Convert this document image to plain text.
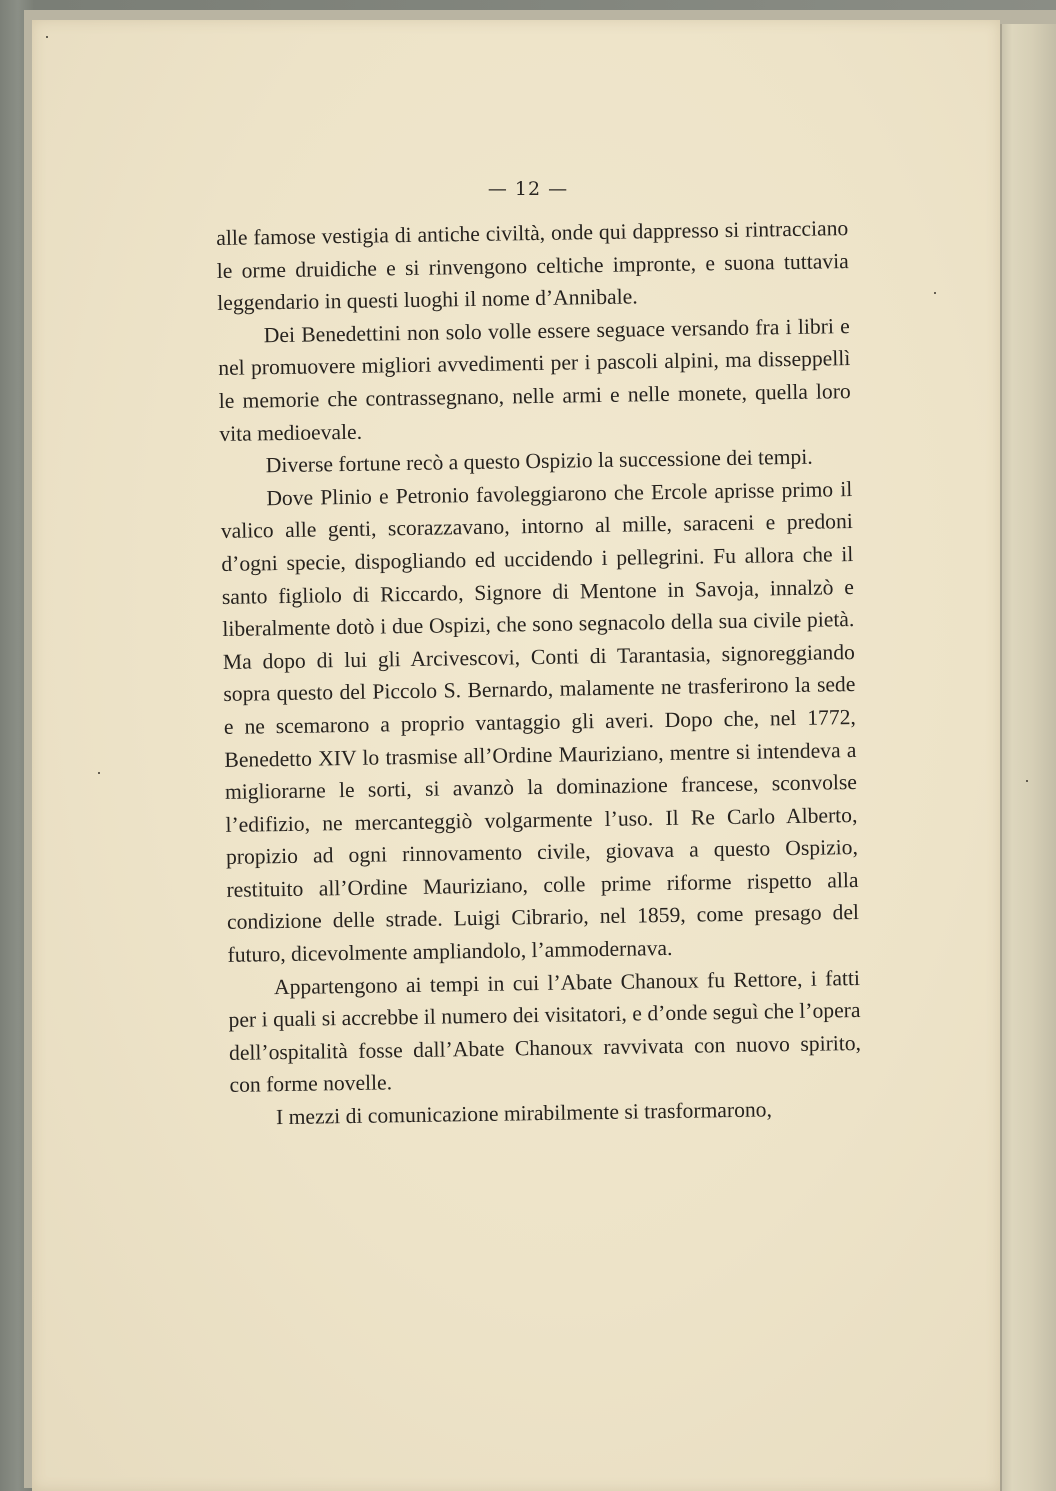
— 12 —

alle famose vestigia di antiche civiltà, onde qui dappresso si rintracciano le orme druidiche e si rinvengono celtiche impronte, e suona tuttavia leggendario in questi luoghi il nome d’Annibale.

Dei Benedettini non solo volle essere seguace versando fra i libri e nel promuovere migliori avvedimenti per i pascoli alpini, ma disseppellì le memorie che contrassegnano, nelle armi e nelle monete, quella loro vita medioevale.

Diverse fortune recò a questo Ospizio la successione dei tempi.

Dove Plinio e Petronio favoleggiarono che Ercole aprisse primo il valico alle genti, scorazzavano, intorno al mille, saraceni e predoni d’ogni specie, dispogliando ed uccidendo i pellegrini. Fu allora che il santo figliolo di Riccardo, Signore di Mentone in Savoja, innalzò e liberalmente dotò i due Ospizi, che sono segnacolo della sua civile pietà. Ma dopo di lui gli Arcivescovi, Conti di Tarantasia, signoreggiando sopra questo del Piccolo S. Bernardo, malamente ne trasferirono la sede e ne scemarono a proprio vantaggio gli averi. Dopo che, nel 1772, Benedetto XIV lo trasmise all’Ordine Mauriziano, mentre si intendeva a migliorarne le sorti, si avanzò la dominazione francese, sconvolse l’edifizio, ne mercanteggiò volgarmente l’uso. Il Re Carlo Alberto, propizio ad ogni rinnovamento civile, giovava a questo Ospizio, restituito all’Ordine Mauriziano, colle prime riforme rispetto alla condizione delle strade. Luigi Cibrario, nel 1859, come presago del futuro, dicevolmente ampliandolo, l’ammodernava.

Appartengono ai tempi in cui l’Abate Chanoux fu Rettore, i fatti per i quali si accrebbe il numero dei visitatori, e d’onde seguì che l’opera dell’ospitalità fosse dall’Abate Chanoux ravvivata con nuovo spirito, con forme novelle.

I mezzi di comunicazione mirabilmente si trasformarono,
